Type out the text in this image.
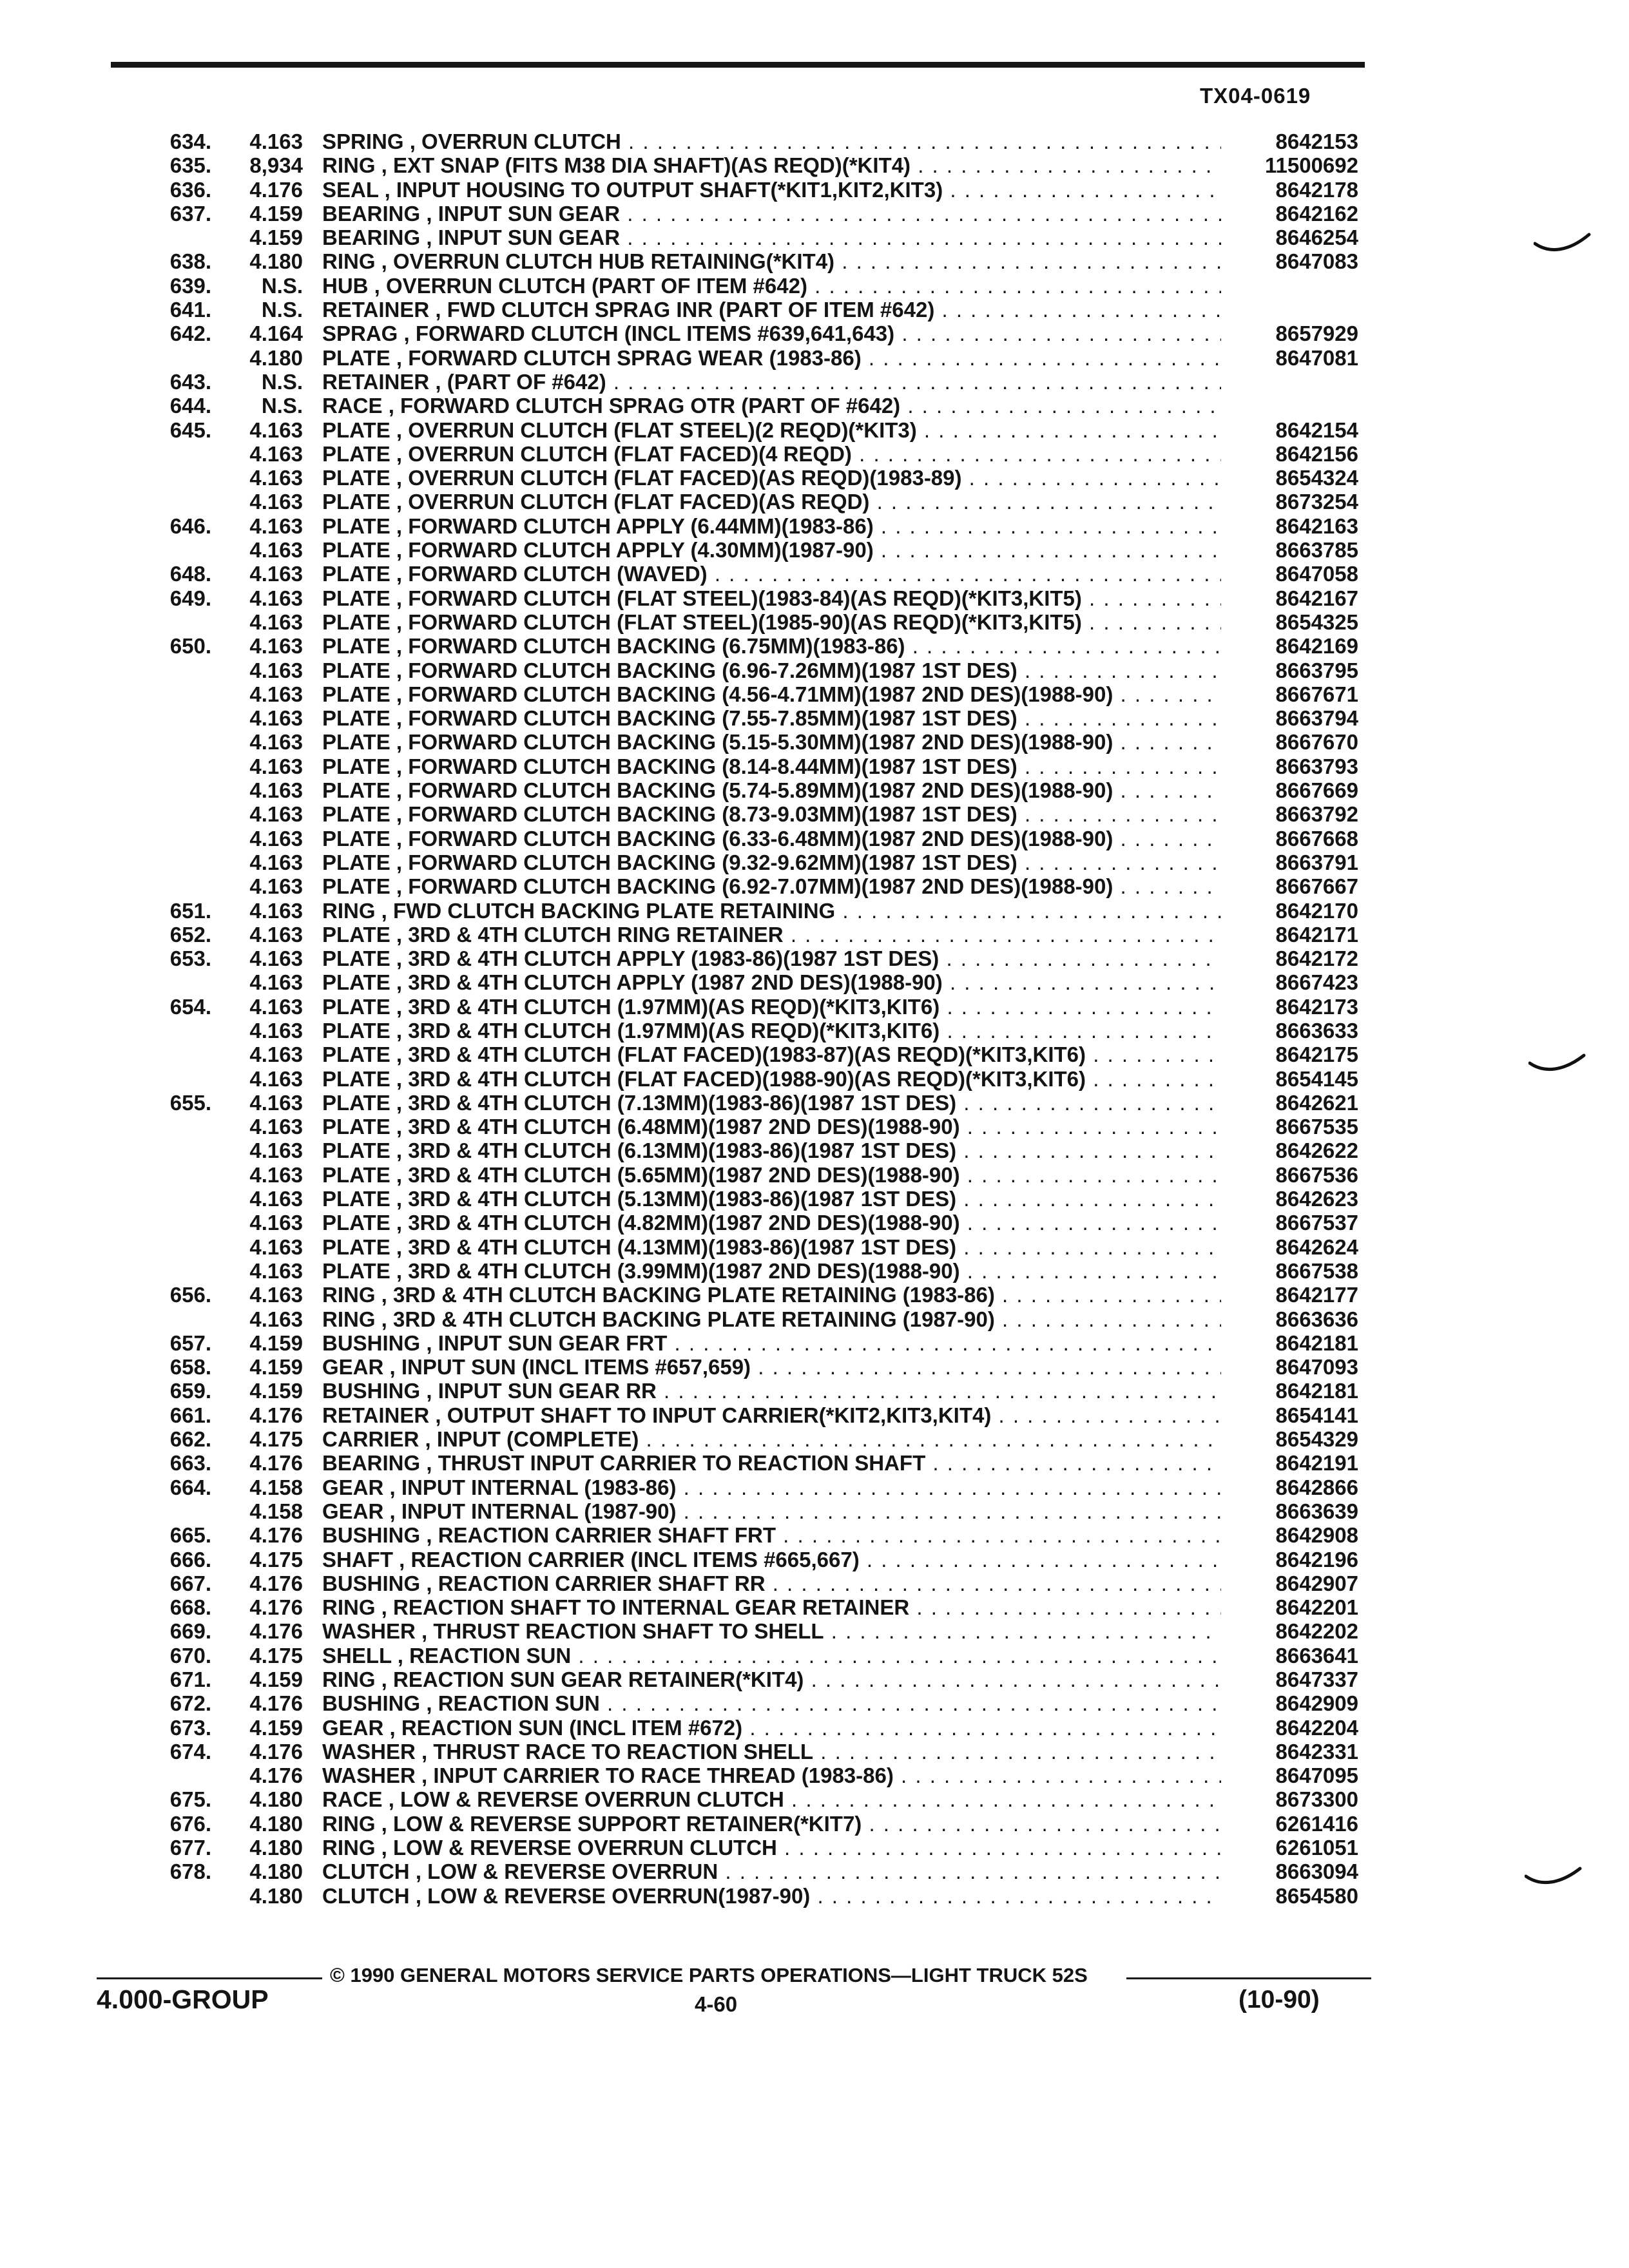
TX04-0619
634. 4.163 SPRING , OVERRUN CLUTCH . . .	8642153
635. 8,934 RING , EXT SNAP (FITS M38 DIA SHAFT)(AS REQD)(*KIT4) . . .	11500692
636. 4.176 SEAL , INPUT HOUSING TO OUTPUT SHAFT(*KIT1,KIT2,KIT3) . . .	8642178
637. 4.159 BEARING , INPUT SUN GEAR . . .	8642162
4.159 BEARING , INPUT SUN GEAR . . .	8646254
638. 4.180 RING , OVERRUN CLUTCH HUB RETAINING(*KIT4) . . .	8647083
639. N.S. HUB , OVERRUN CLUTCH (PART OF ITEM #642) . . .
641. N.S. RETAINER , FWD CLUTCH SPRAG INR (PART OF ITEM #642) . . .
642. 4.164 SPRAG , FORWARD CLUTCH (INCL ITEMS #639,641,643) . . .	8657929
4.180 PLATE , FORWARD CLUTCH SPRAG WEAR (1983-86) . . .	8647081
643. N.S. RETAINER , (PART OF #642) . . .
644. N.S. RACE , FORWARD CLUTCH SPRAG OTR (PART OF #642) . . .
645. 4.163 PLATE , OVERRUN CLUTCH (FLAT STEEL)(2 REQD)(*KIT3) . . .	8642154
4.163 PLATE , OVERRUN CLUTCH (FLAT FACED)(4 REQD) . . .	8642156
4.163 PLATE , OVERRUN CLUTCH (FLAT FACED)(AS REQD)(1983-89) . . .	8654324
4.163 PLATE , OVERRUN CLUTCH (FLAT FACED)(AS REQD) . . .	8673254
646. 4.163 PLATE , FORWARD CLUTCH APPLY (6.44MM)(1983-86) . . .	8642163
4.163 PLATE , FORWARD CLUTCH APPLY (4.30MM)(1987-90) . . .	8663785
648. 4.163 PLATE , FORWARD CLUTCH (WAVED) . . .	8647058
649. 4.163 PLATE , FORWARD CLUTCH (FLAT STEEL)(1983-84)(AS REQD)(*KIT3,KIT5) . . .	8642167
4.163 PLATE , FORWARD CLUTCH (FLAT STEEL)(1985-90)(AS REQD)(*KIT3,KIT5) . . .	8654325
650. 4.163 PLATE , FORWARD CLUTCH BACKING (6.75MM)(1983-86) . . .	8642169
4.163 PLATE , FORWARD CLUTCH BACKING (6.96-7.26MM)(1987 1ST DES) . . .	8663795
4.163 PLATE , FORWARD CLUTCH BACKING (4.56-4.71MM)(1987 2ND DES)(1988-90) . . .	8667671
4.163 PLATE , FORWARD CLUTCH BACKING (7.55-7.85MM)(1987 1ST DES) . . .	8663794
4.163 PLATE , FORWARD CLUTCH BACKING (5.15-5.30MM)(1987 2ND DES)(1988-90) . . .	8667670
4.163 PLATE , FORWARD CLUTCH BACKING (8.14-8.44MM)(1987 1ST DES) . . .	8663793
4.163 PLATE , FORWARD CLUTCH BACKING (5.74-5.89MM)(1987 2ND DES)(1988-90) . . .	8667669
4.163 PLATE , FORWARD CLUTCH BACKING (8.73-9.03MM)(1987 1ST DES) . . .	8663792
4.163 PLATE , FORWARD CLUTCH BACKING (6.33-6.48MM)(1987 2ND DES)(1988-90) . . .	8667668
4.163 PLATE , FORWARD CLUTCH BACKING (9.32-9.62MM)(1987 1ST DES) . . .	8663791
4.163 PLATE , FORWARD CLUTCH BACKING (6.92-7.07MM)(1987 2ND DES)(1988-90) . . .	8667667
651. 4.163 RING , FWD CLUTCH BACKING PLATE RETAINING . . .	8642170
652. 4.163 PLATE , 3RD & 4TH CLUTCH RING RETAINER . . .	8642171
653. 4.163 PLATE , 3RD & 4TH CLUTCH APPLY (1983-86)(1987 1ST DES) . . .	8642172
4.163 PLATE , 3RD & 4TH CLUTCH APPLY (1987 2ND DES)(1988-90) . . .	8667423
654. 4.163 PLATE , 3RD & 4TH CLUTCH (1.97MM)(AS REQD)(*KIT3,KIT6) . . .	8642173
4.163 PLATE , 3RD & 4TH CLUTCH (1.97MM)(AS REQD)(*KIT3,KIT6) . . .	8663633
4.163 PLATE , 3RD & 4TH CLUTCH (FLAT FACED)(1983-87)(AS REQD)(*KIT3,KIT6) . . .	8642175
4.163 PLATE , 3RD & 4TH CLUTCH (FLAT FACED)(1988-90)(AS REQD)(*KIT3,KIT6) . . .	8654145
655. 4.163 PLATE , 3RD & 4TH CLUTCH (7.13MM)(1983-86)(1987 1ST DES) . . .	8642621
4.163 PLATE , 3RD & 4TH CLUTCH (6.48MM)(1987 2ND DES)(1988-90) . . .	8667535
4.163 PLATE , 3RD & 4TH CLUTCH (6.13MM)(1983-86)(1987 1ST DES) . . .	8642622
4.163 PLATE , 3RD & 4TH CLUTCH (5.65MM)(1987 2ND DES)(1988-90) . . .	8667536
4.163 PLATE , 3RD & 4TH CLUTCH (5.13MM)(1983-86)(1987 1ST DES) . . .	8642623
4.163 PLATE , 3RD & 4TH CLUTCH (4.82MM)(1987 2ND DES)(1988-90) . . .	8667537
4.163 PLATE , 3RD & 4TH CLUTCH (4.13MM)(1983-86)(1987 1ST DES) . . .	8642624
4.163 PLATE , 3RD & 4TH CLUTCH (3.99MM)(1987 2ND DES)(1988-90) . . .	8667538
656. 4.163 RING , 3RD & 4TH CLUTCH BACKING PLATE RETAINING (1983-86) . . .	8642177
4.163 RING , 3RD & 4TH CLUTCH BACKING PLATE RETAINING (1987-90) . . .	8663636
657. 4.159 BUSHING , INPUT SUN GEAR FRT . . .	8642181
658. 4.159 GEAR , INPUT SUN (INCL ITEMS #657,659) . . .	8647093
659. 4.159 BUSHING , INPUT SUN GEAR RR . . .	8642181
661. 4.176 RETAINER , OUTPUT SHAFT TO INPUT CARRIER(*KIT2,KIT3,KIT4) . . .	8654141
662. 4.175 CARRIER , INPUT (COMPLETE) . . .	8654329
663. 4.176 BEARING , THRUST INPUT CARRIER TO REACTION SHAFT . . .	8642191
664. 4.158 GEAR , INPUT INTERNAL (1983-86) . . .	8642866
4.158 GEAR , INPUT INTERNAL (1987-90) . . .	8663639
665. 4.176 BUSHING , REACTION CARRIER SHAFT FRT . . .	8642908
666. 4.175 SHAFT , REACTION CARRIER (INCL ITEMS #665,667) . . .	8642196
667. 4.176 BUSHING , REACTION CARRIER SHAFT RR . . .	8642907
668. 4.176 RING , REACTION SHAFT TO INTERNAL GEAR RETAINER . . .	8642201
669. 4.176 WASHER , THRUST REACTION SHAFT TO SHELL . . .	8642202
670. 4.175 SHELL , REACTION SUN . . .	8663641
671. 4.159 RING , REACTION SUN GEAR RETAINER(*KIT4) . . .	8647337
672. 4.176 BUSHING , REACTION SUN . . .	8642909
673. 4.159 GEAR , REACTION SUN (INCL ITEM #672) . . .	8642204
674. 4.176 WASHER , THRUST RACE TO REACTION SHELL . . .	8642331
4.176 WASHER , INPUT CARRIER TO RACE THREAD (1983-86) . . .	8647095
675. 4.180 RACE , LOW & REVERSE OVERRUN CLUTCH . . .	8673300
676. 4.180 RING , LOW & REVERSE SUPPORT RETAINER(*KIT7) . . .	6261416
677. 4.180 RING , LOW & REVERSE OVERRUN CLUTCH . . .	6261051
678. 4.180 CLUTCH , LOW & REVERSE OVERRUN . . .	8663094
4.180 CLUTCH , LOW & REVERSE OVERRUN(1987-90) . . .	8654580
© 1990 GENERAL MOTORS SERVICE PARTS OPERATIONS—LIGHT TRUCK 52S
4.000-GROUP	4-60	(10-90)
